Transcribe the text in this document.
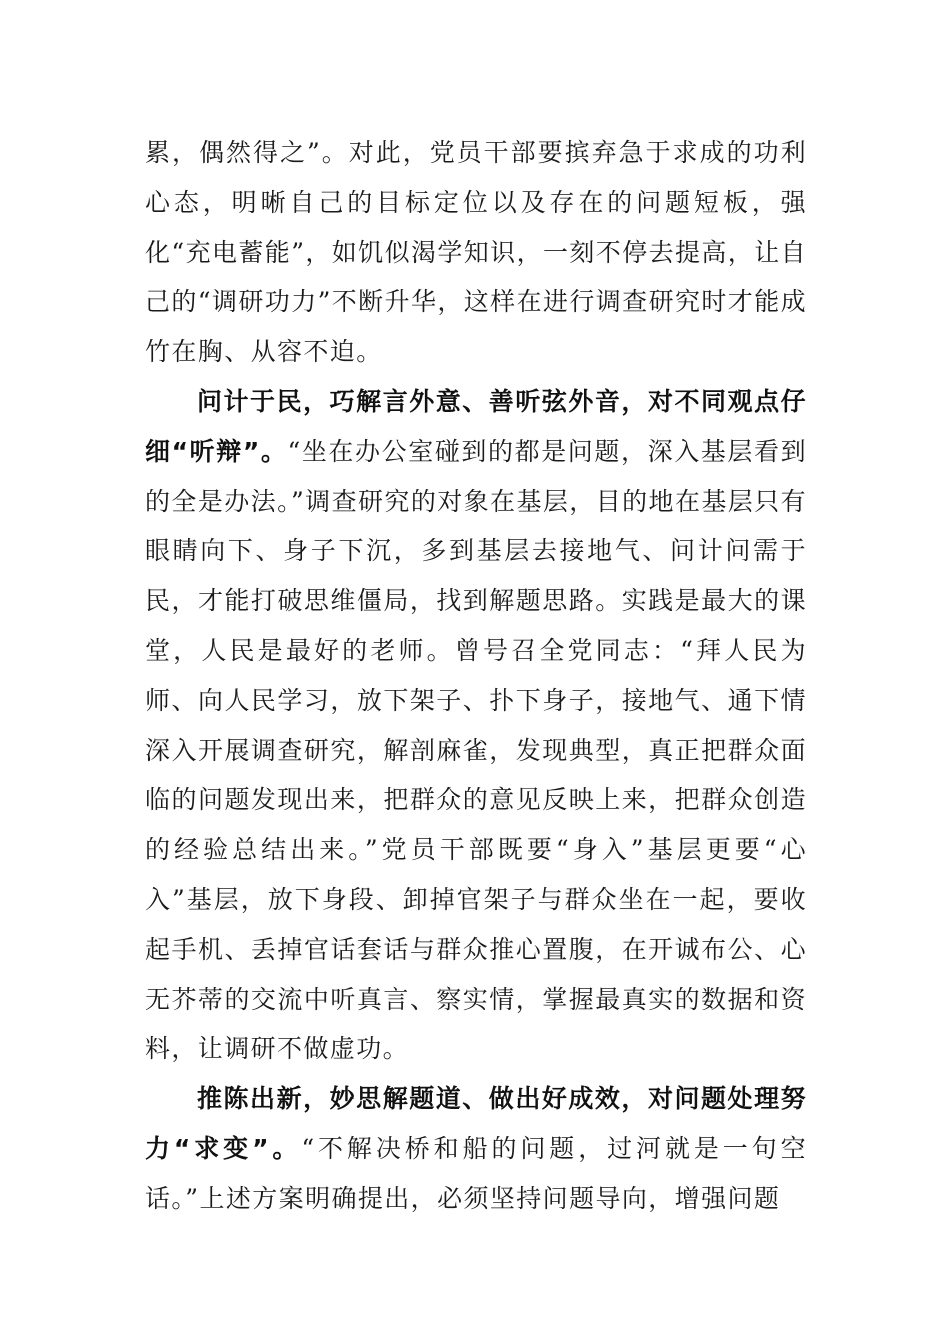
累，偶然得之”。对此，党员干部要摈弃急于求成的功利心态，明晰自己的目标定位以及存在的问题短板，强化“充电蓄能”，如饥似渴学知识，一刻不停去提高，让自己的“调研功力”不断升华，这样在进行调查研究时才能成竹在胸、从容不迫。

问计于民，巧解言外意、善听弦外音，对不同观点仔细“听辩”。“坐在办公室碰到的都是问题，深入基层看到的全是办法。”调查研究的对象在基层，目的地在基层只有眼睛向下、身子下沉，多到基层去接地气、问计问需于民，才能打破思维僵局，找到解题思路。实践是最大的课堂，人民是最好的老师。曾号召全党同志：“拜人民为师、向人民学习，放下架子、扑下身子，接地气、通下情深入开展调查研究，解剖麻雀，发现典型，真正把群众面临的问题发现出来，把群众的意见反映上来，把群众创造的经验总结出来。”党员干部既要“身入”基层更要“心入”基层，放下身段、卸掉官架子与群众坐在一起，要收起手机、丢掉官话套话与群众推心置腹，在开诚布公、心无芥蒂的交流中听真言、察实情，掌握最真实的数据和资料，让调研不做虚功。

推陈出新，妙思解题道、做出好成效，对问题处理努力“求变”。“不解决桥和船的问题，过河就是一句空话。”上述方案明确提出，必须坚持问题导向，增强问题
